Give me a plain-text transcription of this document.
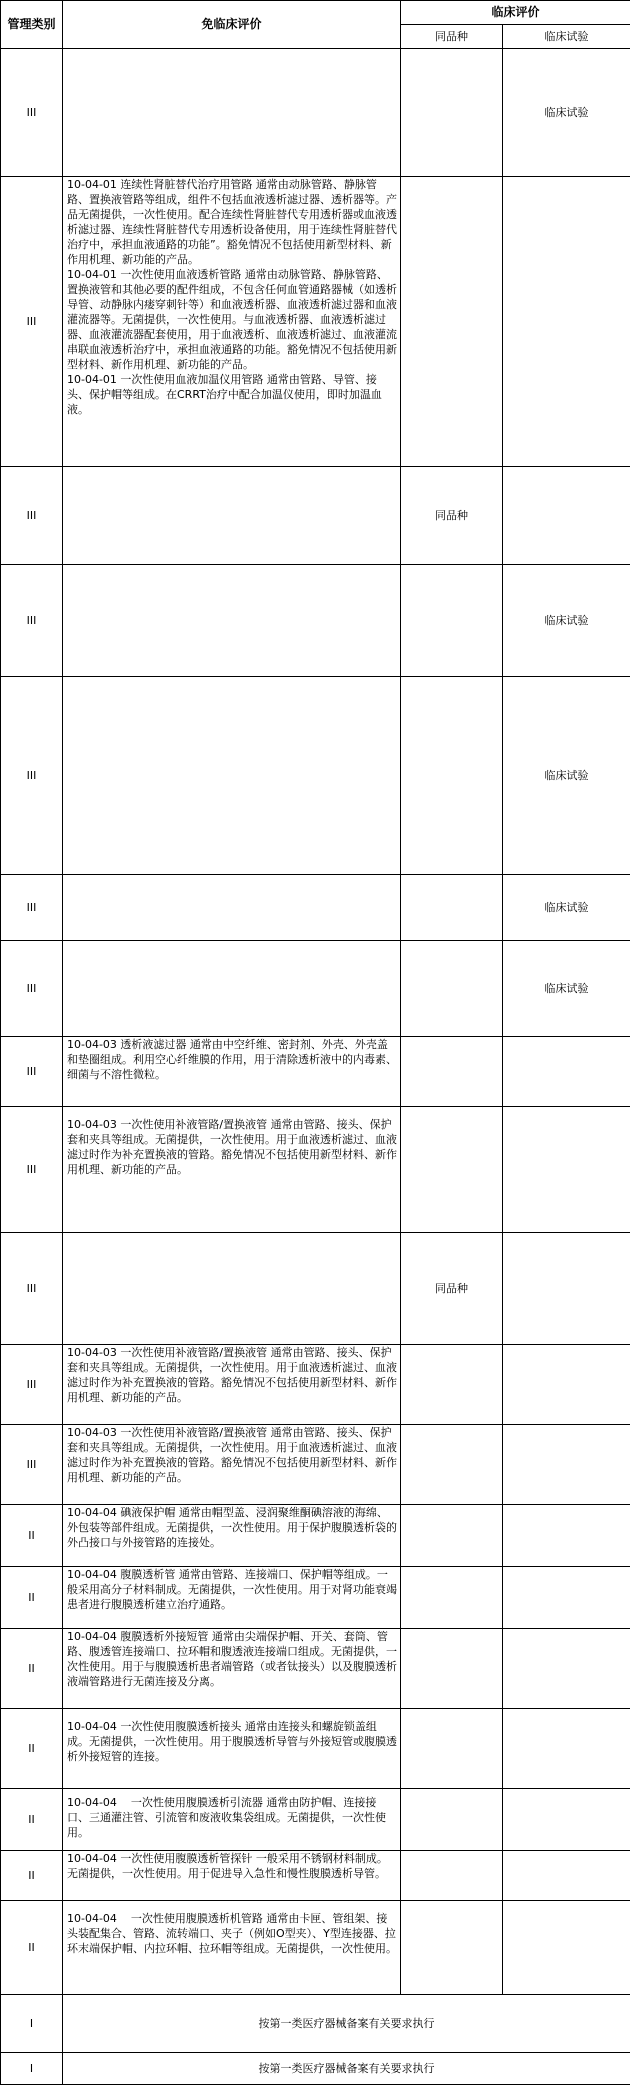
管理类别	免临床评价	临床评价	
		同品种	临床试验
III			临床试验
III	10-04-01 连续性肾脏替代治疗用管路 通常由动脉管路、静脉管路、置换液管路等组成，组件不包括血液透析滤过器、透析器等。产品无菌提供，一次性使用。配合连续性肾脏替代专用透析器或血液透析滤过器、连续性肾脏替代专用透析设备使用，用于连续性肾脏替代治疗中，承担血液通路的功能”。豁免情况不包括使用新型材料、新作用机理、新功能的产品。
10-04-01 一次性使用血液透析管路 通常由动脉管路、静脉管路、置换液管和其他必要的配件组成，不包含任何血管通路器械（如透析导管、动静脉内瘘穿刺针等）和血液透析器、血液透析滤过器和血液灌流器等。无菌提供，一次性使用。与血液透析器、血液透析滤过器、血液灌流器配套使用，用于血液透析、血液透析滤过、血液灌流串联血液透析治疗中，承担血液通路的功能。豁免情况不包括使用新型材料、新作用机理、新功能的产品。
10-04-01 一次性使用血液加温仪用管路 通常由管路、导管、接头、保护帽等组成。在CRRT治疗中配合加温仪使用，即时加温血液。		
III		同品种	
III			临床试验
III			临床试验
III			临床试验
III			临床试验
III	10-04-03 透析液滤过器 通常由中空纤维、密封剂、外壳、外壳盖和垫圈组成。利用空心纤维膜的作用，用于清除透析液中的内毒素、细菌与不溶性微粒。		
III	10-04-03 一次性使用补液管路/置换液管 通常由管路、接头、保护套和夹具等组成。无菌提供，一次性使用。用于血液透析滤过、血液滤过时作为补充置换液的管路。豁免情况不包括使用新型材料、新作用机理、新功能的产品。		
III		同品种	
III	10-04-03 一次性使用补液管路/置换液管 通常由管路、接头、保护套和夹具等组成。无菌提供，一次性使用。用于血液透析滤过、血液滤过时作为补充置换液的管路。豁免情况不包括使用新型材料、新作用机理、新功能的产品。		
III	10-04-03 一次性使用补液管路/置换液管 通常由管路、接头、保护套和夹具等组成。无菌提供，一次性使用。用于血液透析滤过、血液滤过时作为补充置换液的管路。豁免情况不包括使用新型材料、新作用机理、新功能的产品。		
II	10-04-04 碘液保护帽 通常由帽型盖、浸润聚维酮碘溶液的海绵、外包装等部件组成。无菌提供，一次性使用。用于保护腹膜透析袋的外凸接口与外接管路的连接处。		
II	10-04-04 腹膜透析管 通常由管路、连接端口、保护帽等组成。一般采用高分子材料制成。无菌提供，一次性使用。用于对肾功能衰竭患者进行腹膜透析建立治疗通路。		
II	10-04-04 腹膜透析外接短管 通常由尖端保护帽、开关、套筒、管路、腹透管连接端口、拉环帽和腹透液连接端口组成。无菌提供，一次性使用。用于与腹膜透析患者端管路（或者钛接头）以及腹膜透析液端管路进行无菌连接及分离。		
II	10-04-04 一次性使用腹膜透析接头 通常由连接头和螺旋锁盖组成。无菌提供，一次性使用。用于腹膜透析导管与外接短管或腹膜透析外接短管的连接。		
II	10-04-04    一次性使用腹膜透析引流器 通常由防护帽、连接接口、三通灌注管、引流管和废液收集袋组成。无菌提供，一次性使用。		
II	10-04-04 一次性使用腹膜透析管探针 一般采用不锈钢材料制成。无菌提供，一次性使用。用于促进导入急性和慢性腹膜透析导管。		
II	10-04-04    一次性使用腹膜透析机管路 通常由卡匣、管组架、接头装配集合、管路、流转端口、夹子（例如O型夹）、Y型连接器、拉环末端保护帽、内拉环帽、拉环帽等组成。无菌提供，一次性使用。		
I	按第一类医疗器械备案有关要求执行		
I	按第一类医疗器械备案有关要求执行		
